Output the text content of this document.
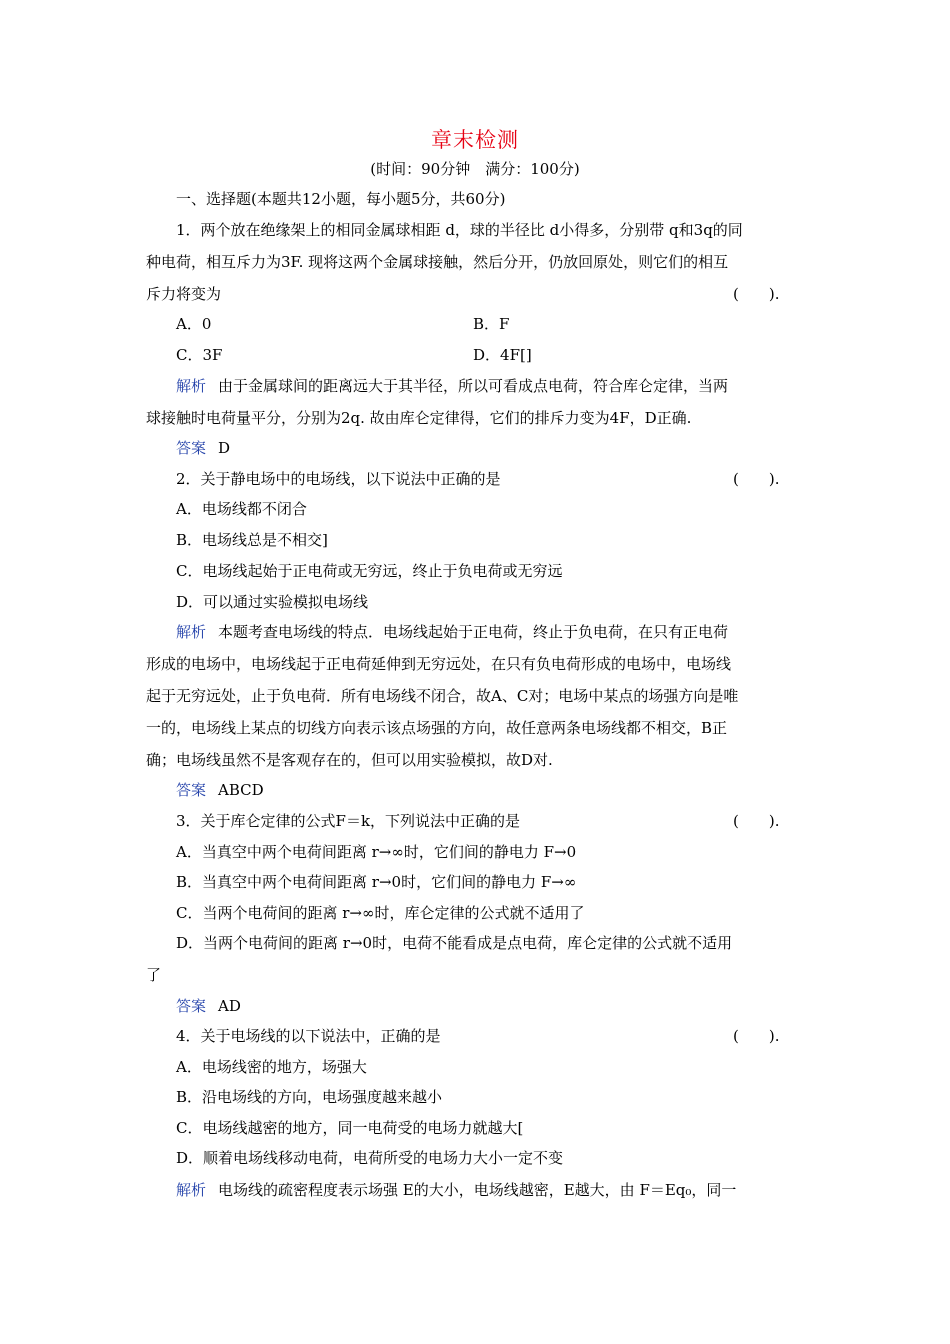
章末检测
(时间：90分钟　满分：100分)
一、选择题(本题共12小题，每小题5分，共60分)
1．两个放在绝缘架上的相同金属球相距 d，球的半径比 d小得多，分别带 q和3q的同
种电荷，相互斥力为3F. 现将这两个金属球接触，然后分开，仍放回原处，则它们的相互
斥力将变为	(　　).
A．0	B．F
C．3F	D．4F[]
解析 由于金属球间的距离远大于其半径，所以可看成点电荷，符合库仑定律，当两
球接触时电荷量平分，分别为2q. 故由库仑定律得，它们的排斥力变为4F，D正确.
答案 D
2．关于静电场中的电场线，以下说法中正确的是	(　　).
A．电场线都不闭合
B．电场线总是不相交]
C．电场线起始于正电荷或无穷远，终止于负电荷或无穷远
D．可以通过实验模拟电场线
解析 本题考查电场线的特点．电场线起始于正电荷，终止于负电荷，在只有正电荷
形成的电场中，电场线起于正电荷延伸到无穷远处，在只有负电荷形成的电场中，电场线
起于无穷远处，止于负电荷．所有电场线不闭合，故A、C对；电场中某点的场强方向是唯
一的，电场线上某点的切线方向表示该点场强的方向，故任意两条电场线都不相交，B正
确；电场线虽然不是客观存在的，但可以用实验模拟，故D对.
答案 ABCD
3．关于库仑定律的公式F＝k，下列说法中正确的是	(　　).
A．当真空中两个电荷间距离 r→∞时，它们间的静电力 F→0
B．当真空中两个电荷间距离 r→0时，它们间的静电力 F→∞
C．当两个电荷间的距离 r→∞时，库仑定律的公式就不适用了
D．当两个电荷间的距离 r→0时，电荷不能看成是点电荷，库仑定律的公式就不适用
了
答案 AD
4．关于电场线的以下说法中，正确的是	(　　).
A．电场线密的地方，场强大
B．沿电场线的方向，电场强度越来越小
C．电场线越密的地方，同一电荷受的电场力就越大[
D．顺着电场线移动电荷，电荷所受的电场力大小一定不变
解析 电场线的疏密程度表示场强 E的大小，电场线越密，E越大，由 F＝Eq₀，同一
